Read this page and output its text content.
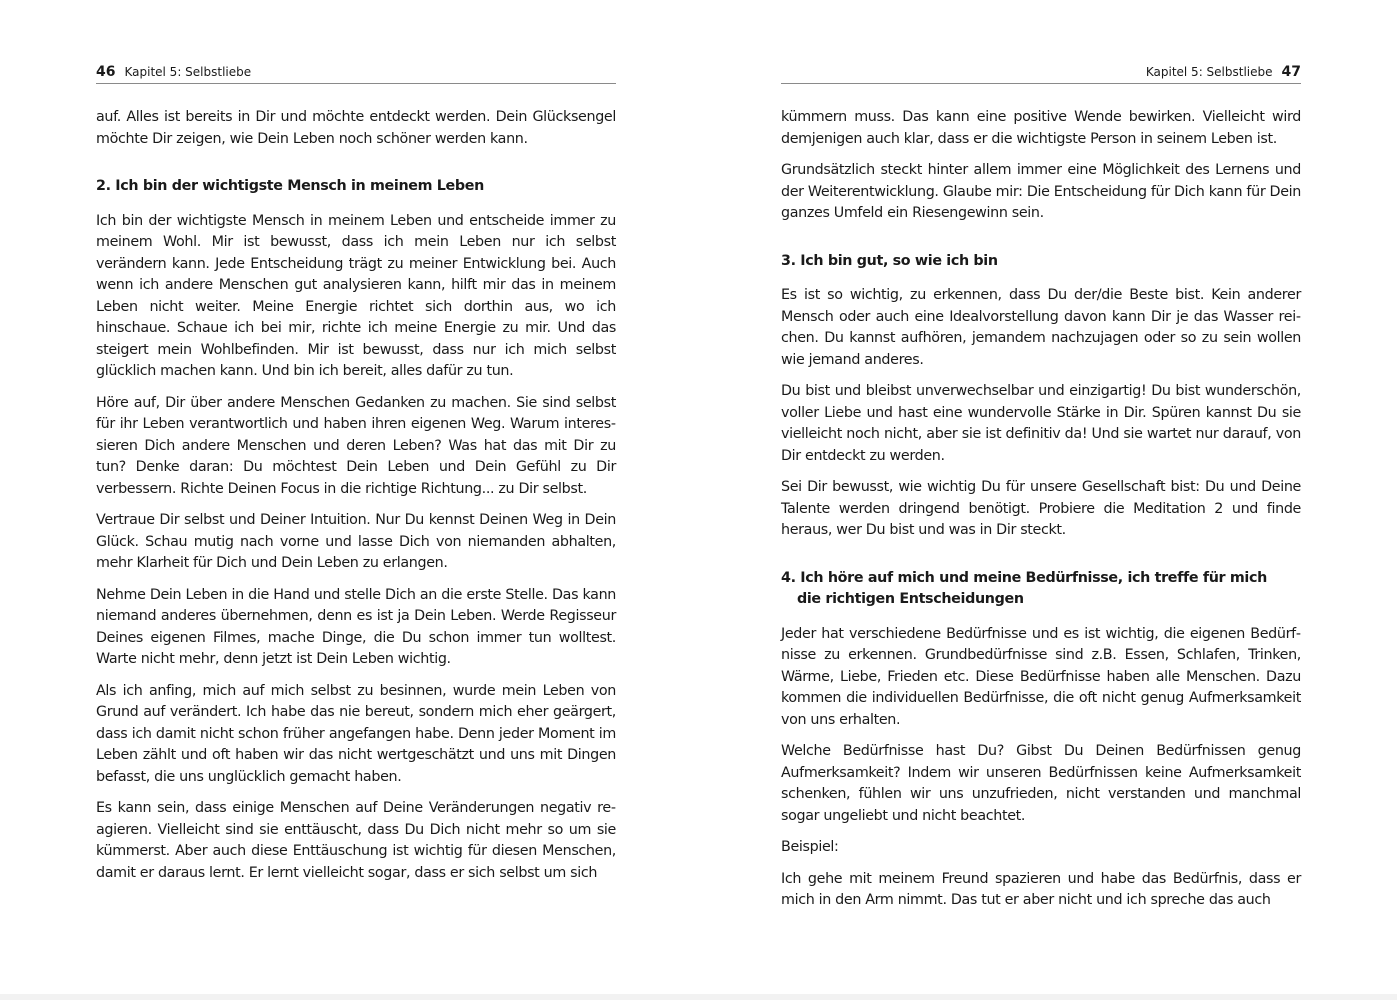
46 Kapitel 5: Selbstliebe

auf. Alles ist bereits in Dir und möchte entdeckt werden. Dein Glücksengel möchte Dir zeigen, wie Dein Leben noch schöner werden kann.

2. Ich bin der wichtigste Mensch in meinem Leben

Ich bin der wichtigste Mensch in meinem Leben und entscheide immer zu meinem Wohl. Mir ist bewusst, dass ich mein Leben nur ich selbst verändern kann. Jede Entscheidung trägt zu meiner Entwicklung bei. Auch wenn ich andere Menschen gut analysieren kann, hilft mir das in meinem Leben nicht weiter. Meine Energie richtet sich dorthin aus, wo ich hinschaue. Schaue ich bei mir, richte ich meine Energie zu mir. Und das steigert mein Wohlbefinden. Mir ist bewusst, dass nur ich mich selbst glücklich machen kann. Und bin ich bereit, alles dafür zu tun.

Höre auf, Dir über andere Menschen Gedanken zu machen. Sie sind selbst für ihr Leben verantwortlich und haben ihren eigenen Weg. Warum interessieren Dich andere Menschen und deren Leben? Was hat das mit Dir zu tun? Denke daran: Du möchtest Dein Leben und Dein Gefühl zu Dir verbessern. Richte Deinen Focus in die richtige Richtung... zu Dir selbst.

Vertraue Dir selbst und Deiner Intuition. Nur Du kennst Deinen Weg in Dein Glück. Schau mutig nach vorne und lasse Dich von niemanden abhalten, mehr Klarheit für Dich und Dein Leben zu erlangen.

Nehme Dein Leben in die Hand und stelle Dich an die erste Stelle. Das kann niemand anderes übernehmen, denn es ist ja Dein Leben. Werde Regisseur Deines eigenen Filmes, mache Dinge, die Du schon immer tun wolltest. Warte nicht mehr, denn jetzt ist Dein Leben wichtig.

Als ich anfing, mich auf mich selbst zu besinnen, wurde mein Leben von Grund auf verändert. Ich habe das nie bereut, sondern mich eher geärgert, dass ich damit nicht schon früher angefangen habe. Denn jeder Moment im Leben zählt und oft haben wir das nicht wertgeschätzt und uns mit Dingen befasst, die uns unglücklich gemacht haben.

Es kann sein, dass einige Menschen auf Deine Veränderungen negativ reagieren. Vielleicht sind sie enttäuscht, dass Du Dich nicht mehr so um sie kümmerst. Aber auch diese Enttäuschung ist wichtig für diesen Menschen, damit er daraus lernt. Er lernt vielleicht sogar, dass er sich selbst um sich

Kapitel 5: Selbstliebe 47

kümmern muss. Das kann eine positive Wende bewirken. Vielleicht wird demjenigen auch klar, dass er die wichtigste Person in seinem Leben ist.

Grundsätzlich steckt hinter allem immer eine Möglichkeit des Lernens und der Weiterentwicklung. Glaube mir: Die Entscheidung für Dich kann für Dein ganzes Umfeld ein Riesengewinn sein.

3. Ich bin gut, so wie ich bin

Es ist so wichtig, zu erkennen, dass Du der/die Beste bist. Kein anderer Mensch oder auch eine Idealvorstellung davon kann Dir je das Wasser reichen. Du kannst aufhören, jemandem nachzujagen oder so zu sein wollen wie jemand anderes.

Du bist und bleibst unverwechselbar und einzigartig! Du bist wunderschön, voller Liebe und hast eine wundervolle Stärke in Dir. Spüren kannst Du sie vielleicht noch nicht, aber sie ist definitiv da! Und sie wartet nur darauf, von Dir entdeckt zu werden.

Sei Dir bewusst, wie wichtig Du für unsere Gesellschaft bist: Du und Deine Talente werden dringend benötigt. Probiere die Meditation 2 und finde heraus, wer Du bist und was in Dir steckt.

4. Ich höre auf mich und meine Bedürfnisse, ich treffe für mich
die richtigen Entscheidungen

Jeder hat verschiedene Bedürfnisse und es ist wichtig, die eigenen Bedürfnisse zu erkennen. Grundbedürfnisse sind z.B. Essen, Schlafen, Trinken, Wärme, Liebe, Frieden etc. Diese Bedürfnisse haben alle Menschen. Dazu kommen die individuellen Bedürfnisse, die oft nicht genug Aufmerksamkeit von uns erhalten.

Welche Bedürfnisse hast Du? Gibst Du Deinen Bedürfnissen genug Aufmerksamkeit? Indem wir unseren Bedürfnissen keine Aufmerksamkeit schenken, fühlen wir uns unzufrieden, nicht verstanden und manchmal sogar ungeliebt und nicht beachtet.

Beispiel:

Ich gehe mit meinem Freund spazieren und habe das Bedürfnis, dass er mich in den Arm nimmt. Das tut er aber nicht und ich spreche das auch
